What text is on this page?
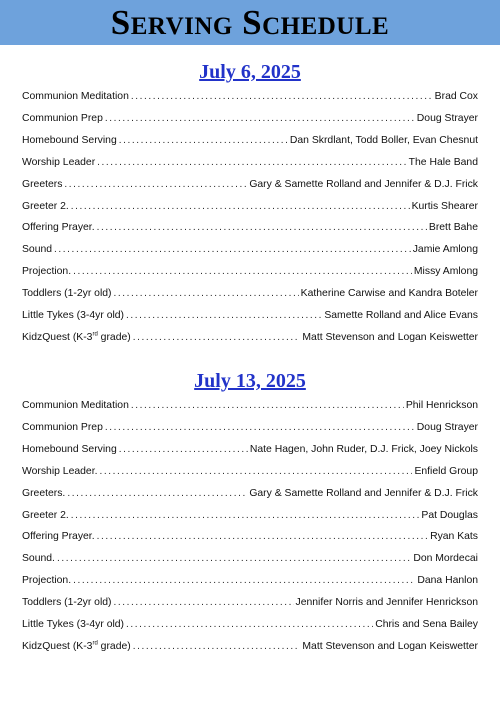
Serving Schedule
July 6, 2025
Communion Meditation .....	Brad Cox
Communion Prep .....	Doug Strayer
Homebound Serving .....	Dan Skrdlant, Todd Boller, Evan Chesnut
Worship Leader .....	The Hale Band
Greeters .....	Gary & Samette Rolland and Jennifer & D.J. Frick
Greeter 2. .....	Kurtis Shearer
Offering Prayer. .....	Brett Bahe
Sound .....	Jamie Amlong
Projection. .....	Missy Amlong
Toddlers (1-2yr old) .....	Katherine Carwise and Kandra Boteler
Little Tykes (3-4yr old) .....	Samette Rolland and Alice Evans
KidzQuest (K-3rd grade) .....	Matt Stevenson and Logan Keiswetter
July 13, 2025
Communion Meditation .....	Phil Henrickson
Communion Prep .....	Doug Strayer
Homebound Serving .....	Nate Hagen, John Ruder, D.J. Frick, Joey Nickols
Worship Leader. .....	Enfield Group
Greeters. .....	Gary & Samette Rolland and Jennifer & D.J. Frick
Greeter 2. .....	Pat Douglas
Offering Prayer. .....	Ryan Kats
Sound. .....	Don Mordecai
Projection. .....	Dana Hanlon
Toddlers (1-2yr old) .....	Jennifer Norris and Jennifer Henrickson
Little Tykes (3-4yr old) .....	Chris and Sena Bailey
KidzQuest (K-3rd grade) .....	Matt Stevenson and Logan Keiswetter
